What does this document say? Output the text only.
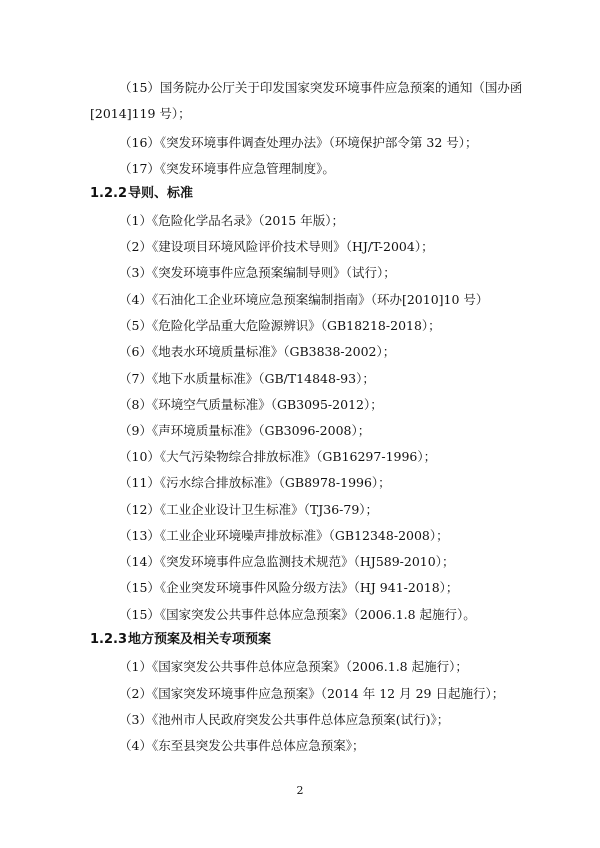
（15）国务院办公厅关于印发国家突发环境事件应急预案的通知（国办函
[2014]119 号）；
（16）《突发环境事件调查处理办法》（环境保护部令第 32 号）；
（17）《突发环境事件应急管理制度》。
1.2.2导则、标准
（1）《危险化学品名录》（2015 年版）；
（2）《建设项目环境风险评价技术导则》（HJ/T-2004）；
（3）《突发环境事件应急预案编制导则》（试行）；
（4）《石油化工企业环境应急预案编制指南》（环办[2010]10 号）
（5）《危险化学品重大危险源辨识》（GB18218-2018）；
（6）《地表水环境质量标准》（GB3838-2002）；
（7）《地下水质量标准》（GB/T14848-93）；
（8）《环境空气质量标准》（GB3095-2012）；
（9）《声环境质量标准》（GB3096-2008）；
（10）《大气污染物综合排放标准》（GB16297-1996）；
（11）《污水综合排放标准》（GB8978-1996）；
（12）《工业企业设计卫生标准》（TJ36-79）；
（13）《工业企业环境噪声排放标准》（GB12348-2008）；
（14）《突发环境事件应急监测技术规范》（HJ589-2010）；
（15）《企业突发环境事件风险分级方法》（HJ 941-2018）；
（15）《国家突发公共事件总体应急预案》（2006.1.8 起施行）。
1.2.3地方预案及相关专项预案
（1）《国家突发公共事件总体应急预案》（2006.1.8 起施行）；
（2）《国家突发环境事件应急预案》（2014 年 12 月 29 日起施行）；
（3）《池州市人民政府突发公共事件总体应急预案(试行)》；
（4）《东至县突发公共事件总体应急预案》；
2
